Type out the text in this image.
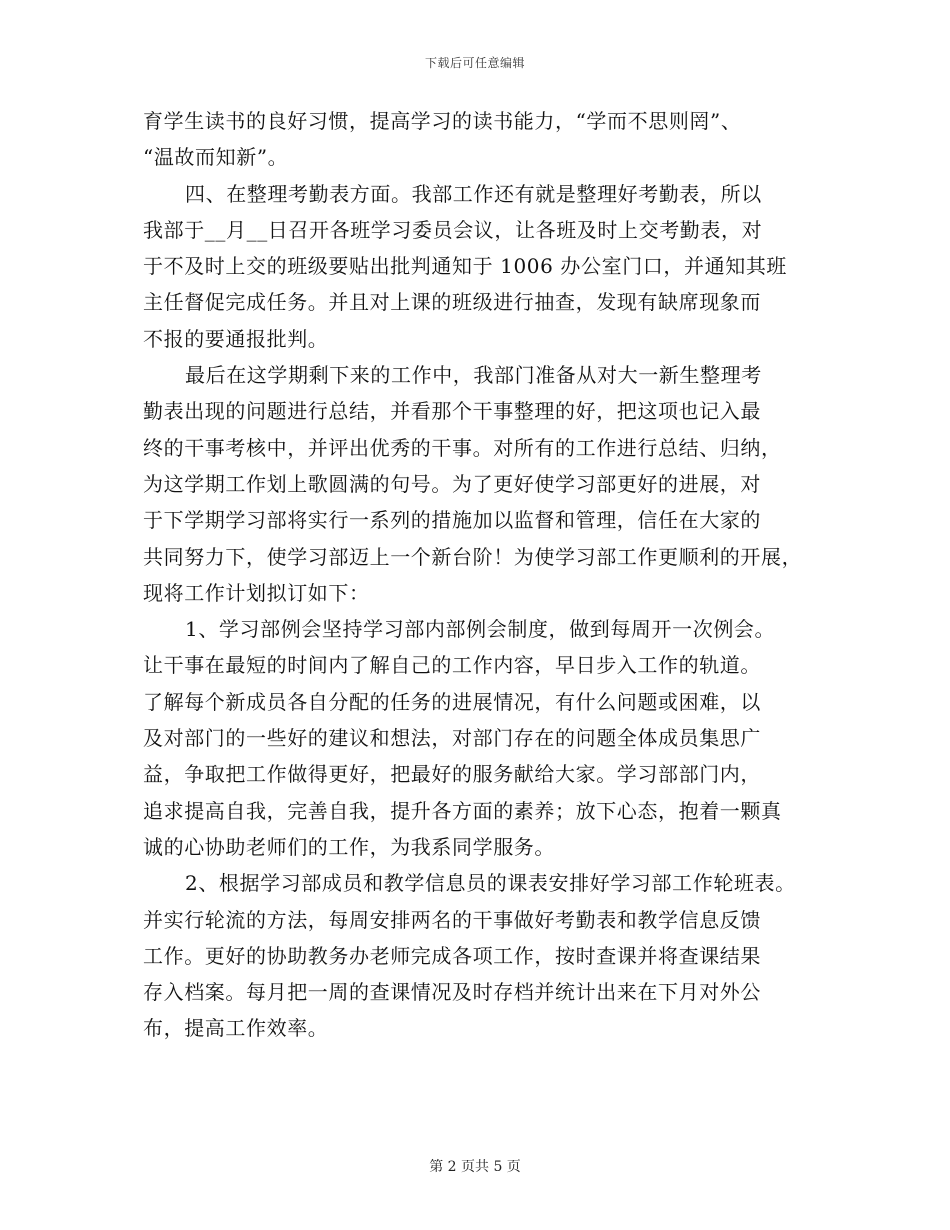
下载后可任意编辑
育学生读书的良好习惯，提高学习的读书能力，“学而不思则罔”、
“温故而知新”。
四、在整理考勤表方面。我部工作还有就是整理好考勤表，所以
我部于__月__日召开各班学习委员会议，让各班及时上交考勤表，对
于不及时上交的班级要贴出批判通知于 1006 办公室门口，并通知其班
主任督促完成任务。并且对上课的班级进行抽查，发现有缺席现象而
不报的要通报批判。
最后在这学期剩下来的工作中，我部门准备从对大一新生整理考
勤表出现的问题进行总结，并看那个干事整理的好，把这项也记入最
终的干事考核中，并评出优秀的干事。对所有的工作进行总结、归纳，
为这学期工作划上歌圆满的句号。为了更好使学习部更好的进展，对
于下学期学习部将实行一系列的措施加以监督和管理，信任在大家的
共同努力下，使学习部迈上一个新台阶！为使学习部工作更顺利的开展，
现将工作计划拟订如下：
1、学习部例会坚持学习部内部例会制度，做到每周开一次例会。
让干事在最短的时间内了解自己的工作内容，早日步入工作的轨道。
了解每个新成员各自分配的任务的进展情况，有什么问题或困难，以
及对部门的一些好的建议和想法，对部门存在的问题全体成员集思广
益，争取把工作做得更好，把最好的服务献给大家。学习部部门内，
追求提高自我，完善自我，提升各方面的素养；放下心态，抱着一颗真
诚的心协助老师们的工作，为我系同学服务。
2、根据学习部成员和教学信息员的课表安排好学习部工作轮班表。
并实行轮流的方法，每周安排两名的干事做好考勤表和教学信息反馈
工作。更好的协助教务办老师完成各项工作，按时查课并将查课结果
存入档案。每月把一周的查课情况及时存档并统计出来在下月对外公
布，提高工作效率。
第 2 页共 5 页
